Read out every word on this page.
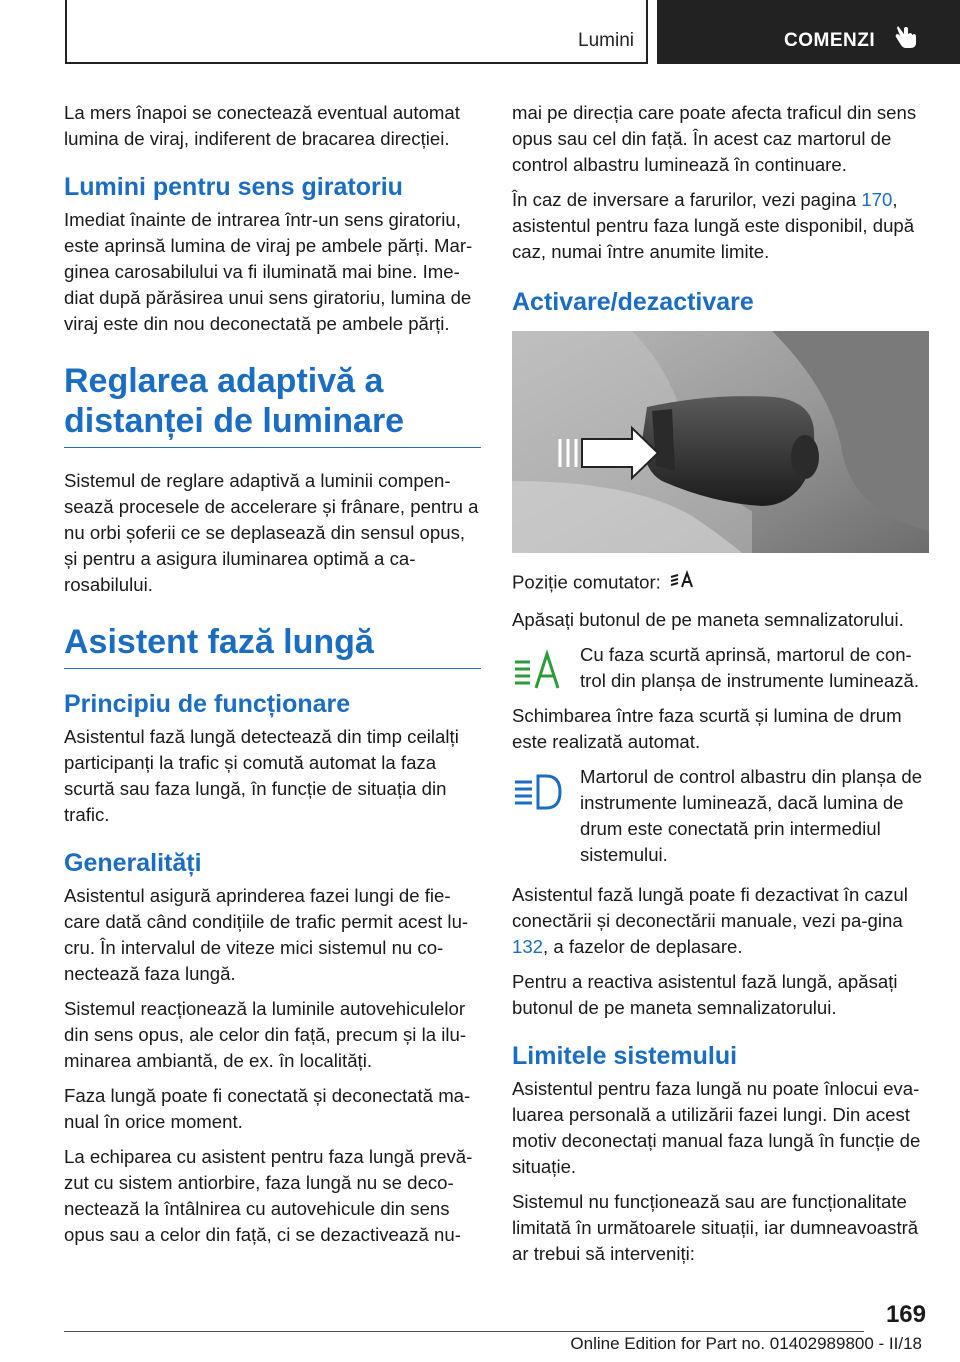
Lumini	COMENZI

La mers înapoi se conectează eventual automat lumina de viraj, indiferent de bracarea direcției.

Lumini pentru sens giratoriu

Imediat înainte de intrarea într-un sens giratoriu, este aprinsă lumina de viraj pe ambele părți. Mar-ginea carosabilului va fi iluminată mai bine. Ime-diat după părăsirea unui sens giratoriu, lumina de viraj este din nou deconectată pe ambele părți.

Reglarea adaptivă a distanței de luminare

Sistemul de reglare adaptivă a luminii compen-sează procesele de accelerare și frânare, pentru a nu orbi șoferii ce se deplasează din sensul opus, și pentru a asigura iluminarea optimă a ca-rosabilului.

Asistent fază lungă
Principiu de funcționare

Asistentul fază lungă detectează din timp ceilalți participanți la trafic și comută automat la faza scurtă sau faza lungă, în funcție de situația din trafic.

Generalități

Asistentul asigură aprinderea fazei lungi de fie-care dată când condițiile de trafic permit acest lu-cru. În intervalul de viteze mici sistemul nu co-nectează faza lungă.

Sistemul reacționează la luminile autovehiculelor din sens opus, ale celor din față, precum și la ilu-minarea ambiantă, de ex. în localități.

Faza lungă poate fi conectată și deconectată ma-nual în orice moment.

La echiparea cu asistent pentru faza lungă prevă-zut cu sistem antiorbire, faza lungă nu se deco-nectează la întâlnirea cu autovehicule din sens opus sau a celor din față, ci se dezactivează nu-

mai pe direcția care poate afecta traficul din sens opus sau cel din față. În acest caz martorul de control albastru luminează în continuare.

În caz de inversare a farurilor, vezi pagina 170, asistentul pentru faza lungă este disponibil, după caz, numai între anumite limite.

Activare/dezactivare

Poziție comutator:

Apăsați butonul de pe maneta semnalizatorului.

Cu faza scurtă aprinsă, martorul de con-trol din planșa de instrumente luminează.

Schimbarea între faza scurtă și lumina de drum este realizată automat.

Martorul de control albastru din planșa de instrumente luminează, dacă lumina de drum este conectată prin intermediul sistemului.

Asistentul fază lungă poate fi dezactivat în cazul conectării și deconectării manuale, vezi pa-gina 132, a fazelor de deplasare.

Pentru a reactiva asistentul fază lungă, apăsați butonul de pe maneta semnalizatorului.

Limitele sistemului

Asistentul pentru faza lungă nu poate înlocui eva-luarea personală a utilizării fazei lungi. Din acest motiv deconectați manual faza lungă în funcție de situație.

Sistemul nu funcționează sau are funcționalitate limitată în următoarele situații, iar dumneavoastră ar trebui să interveniți:

169
Online Edition for Part no. 01402989800 - II/18
